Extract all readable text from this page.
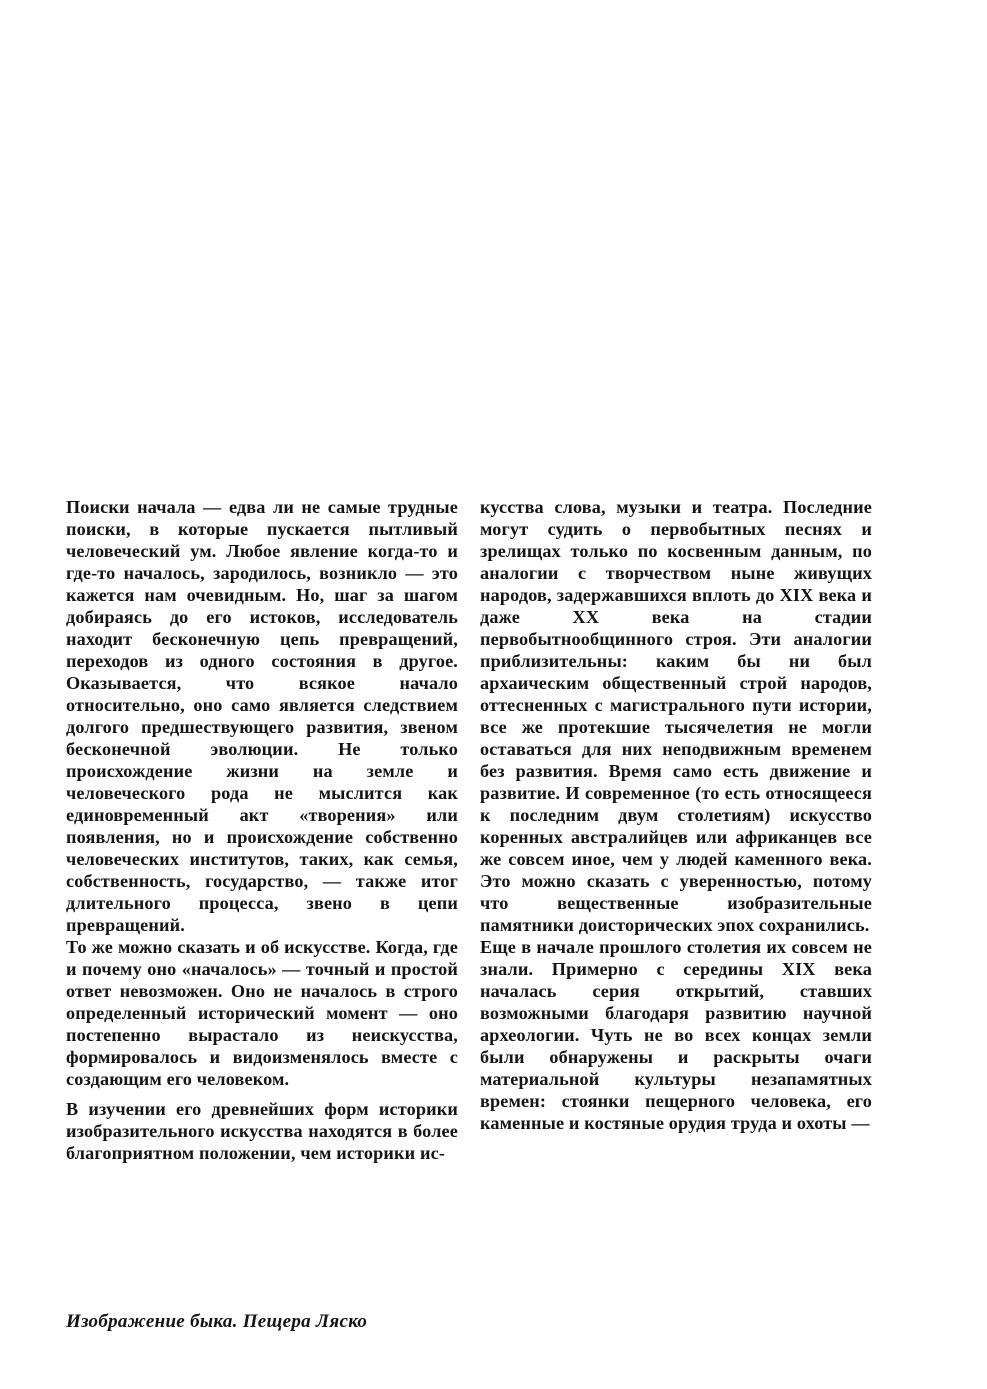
Поиски начала — едва ли не самые трудные поиски, в которые пускается пытливый человеческий ум. Любое явление когда-то и где-то началось, зародилось, возникло — это кажется нам очевидным. Но, шаг за шагом добираясь до его истоков, исследователь находит бесконечную цепь превращений, переходов из одного состояния в другое. Оказывается, что всякое начало относительно, оно само является следствием долгого предшествующего развития, звеном бесконечной эволюции. Не только происхождение жизни на земле и человеческого рода не мыслится как единовременный акт «творения» или появления, но и происхождение собственно человеческих институтов, таких, как семья, собственность, государство, — также итог длительного процесса, звено в цепи превращений.

То же можно сказать и об искусстве. Когда, где и почему оно «началось» — точный и простой ответ невозможен. Оно не началось в строго определенный исторический момент — оно постепенно вырастало из неискусства, формировалось и видоизменялось вместе с создающим его человеком.

В изучении его древнейших форм историки изобразительного искусства находятся в более благоприятном положении, чем историки ис-

кусства слова, музыки и театра. Последние могут судить о первобытных песнях и зрелищах только по косвенным данным, по аналогии с творчеством ныне живущих народов, задержавшихся вплоть до XIX века и даже XX века на стадии первобытнообщинного строя. Эти аналогии приблизительны: каким бы ни был архаическим общественный строй народов, оттесненных с магистрального пути истории, все же протекшие тысячелетия не могли оставаться для них неподвижным временем без развития. Время само есть движение и развитие. И современное (то есть относящееся к последним двум столетиям) искусство коренных австралийцев или африканцев все же совсем иное, чем у людей каменного века. Это можно сказать с уверенностью, потому что вещественные изобразительные памятники доисторических эпох сохранились.

Еще в начале прошлого столетия их совсем не знали. Примерно с середины XIX века началась серия открытий, ставших возможными благодаря развитию научной археологии. Чуть не во всех концах земли были обнаружены и раскрыты очаги материальной культуры незапамятных времен: стоянки пещерного человека, его каменные и костяные орудия труда и охоты —

Изображение быка. Пещера Ляско
